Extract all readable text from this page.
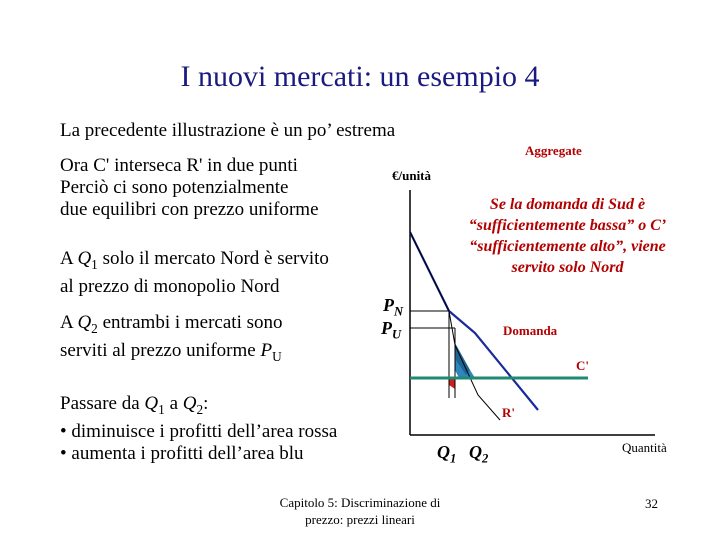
I nuovi mercati: un esempio 4
La precedente illustrazione è un po’ estrema
Ora C' interseca R' in due punti
Perciò ci sono potenzialmente
due equilibri con prezzo uniforme
A $Q_1$ solo il mercato Nord è servito
al prezzo di monopolio Nord
A $Q_2$ entrambi i mercati sono
serviti al prezzo uniforme $P_U$
Passare da $Q_1$ a $Q_2$:
• diminuisce i profitti dell’area rossa
• aumenta i profitti dell’area blu
Aggregate
€/unità
$P_N$
$P_U$	Domanda
C'
R'
$Q_1$ $Q_2$
Quantità
Se la domanda di Sud è “sufficientemente bassa” o C’ “sufficientemente alto”, viene servito solo Nord
Capitolo 5: Discriminazione di
prezzo: prezzi lineari
32
